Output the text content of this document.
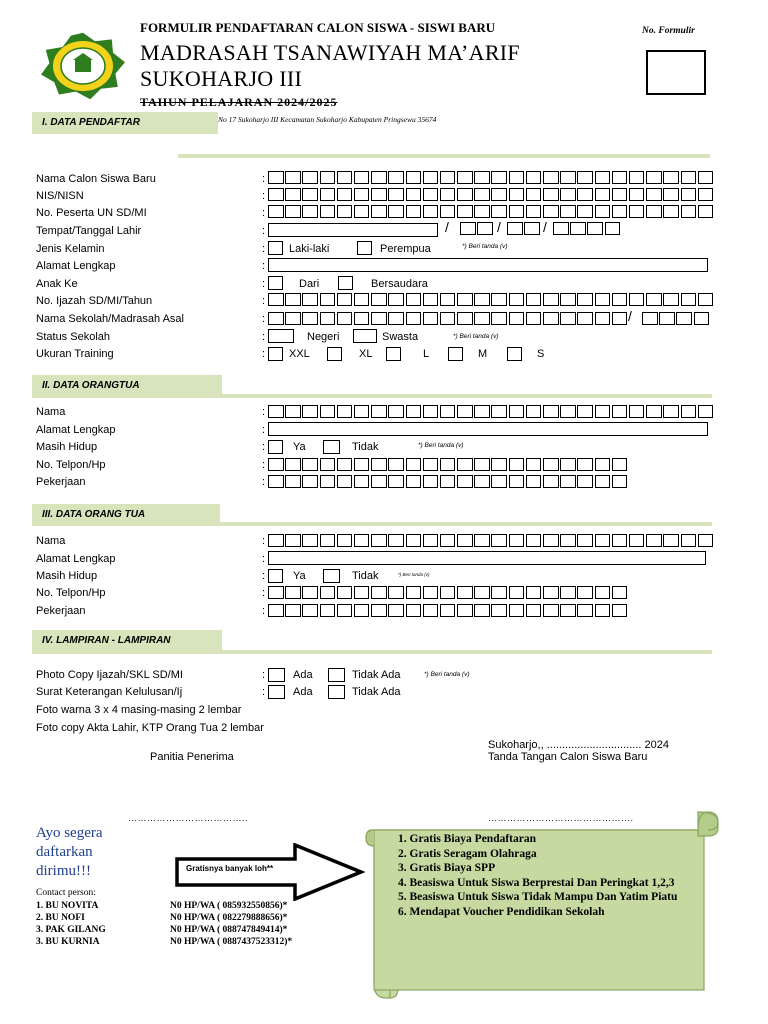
FORMULIR PENDAFTARAN CALON SISWA - SISWI BARU
MADRASAH TSANAWIYAH MA’ARIF
SUKOHARJO III
TAHUN PELAJARAN 2024/2025
No 17 Sukoharjo III Kecamatan Sukoharjo Kabupaten Pringsewu 35674
No. Formulir
I. DATA PENDAFTAR
Nama Calon Siswa Baru	:
NIS/NISN	:
No. Peserta UN SD/MI	:
Tempat/Tanggal Lahir	:	/	/	/
Jenis Kelamin	: Laki-laki	Perempua	*) Beri tanda (v)
Alamat Lengkap	:
Anak Ke	:	Dari	Bersaudara
No. Ijazah SD/MI/Tahun	:
Nama Sekolah/Madrasah Asal	:	/
Status Sekolah	:	Negeri	Swasta	*) Beri tanda (v)
Ukuran Training	: XXL	XL	L	M	S
II. DATA ORANGTUA
Nama	:
Alamat Lengkap	:
Masih Hidup	:	Ya	Tidak	*) Beri tanda (v)
No. Telpon/Hp	:
Pekerjaan	:
III. DATA ORANG TUA
Nama	:
Alamat Lengkap	:
Masih Hidup	:	Ya	Tidak	*) Beri tanda (v)
No. Telpon/Hp	:
Pekerjaan	:
IV. LAMPIRAN - LAMPIRAN
Photo Copy Ijazah/SKL SD/MI	:	Ada	Tidak Ada	*) Beri tanda (v)
Surat Keterangan Kelulusan/Ij	:	Ada	Tidak Ada
Foto warna 3 x 4 masing-masing 2 lembar
Foto copy Akta Lahir, KTP Orang Tua 2 lembar
Sukoharjo,, ............................... 2024
Panitia Penerima	Tanda Tangan Calon Siswa Baru
………………………………..	……………………………………….
Ayo segera
daftarkan
dirimu!!!	Gratisnya banyak loh**
Contact person:
1. BU NOVITA	N0 HP/WA ( 085932550856)*
2. BU NOFI	N0 HP/WA ( 082279888656)*
3. PAK GILANG	N0 HP/WA ( 088747849414)*
3. BU KURNIA	N0 HP/WA ( 0887437523312)*
1. Gratis Biaya Pendaftaran
2. Gratis Seragam Olahraga
3. Gratis Biaya SPP
4. Beasiswa Untuk Siswa Berprestai Dan Peringkat 1,2,3
5. Beasiswa Untuk Siswa Tidak Mampu Dan Yatim Piatu
6. Mendapat Voucher Pendidikan Sekolah
